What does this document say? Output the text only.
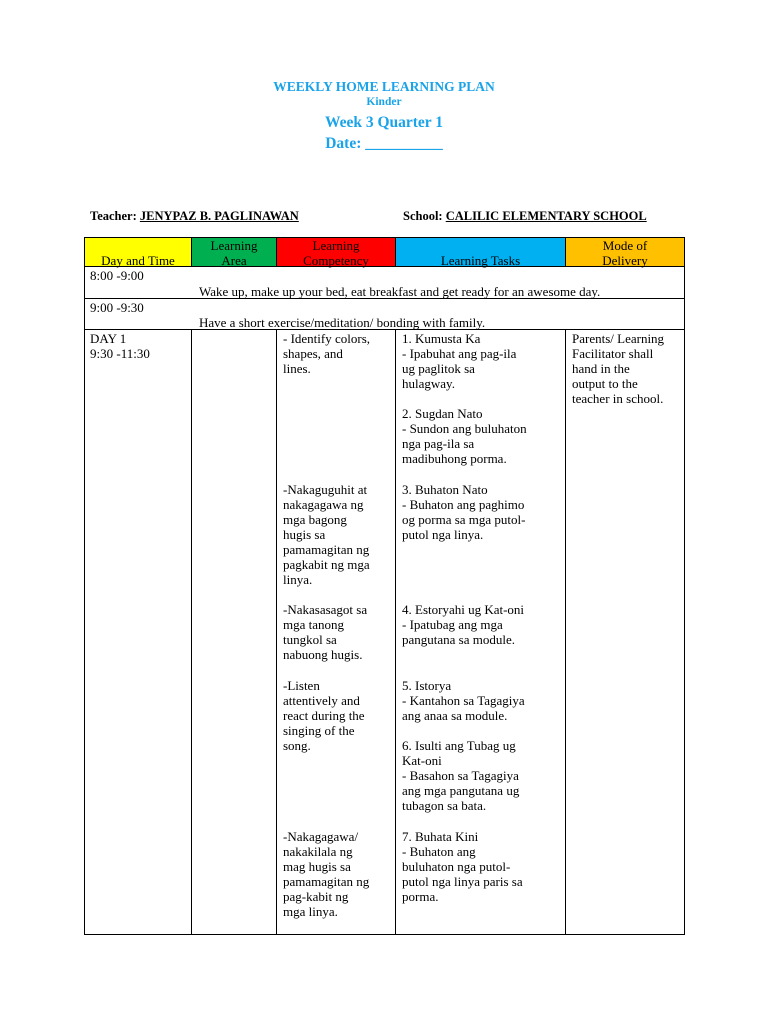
WEEKLY HOME LEARNING PLAN
Kinder
Week 3 Quarter 1
Date: __________
Teacher: JENYPAZ B. PAGLINAWAN	School: CALILIC ELEMENTARY SCHOOL
Day and Time
Learning
Area
Learning
Competency	Learning Tasks
Mode of
Delivery
8:00 -9:00
Wake up, make up your bed, eat breakfast and get ready for an awesome day.
9:00 -9:30
Have a short exercise/meditation/ bonding with family.
DAY 1
9:30 -11:30
- Identify colors,
shapes, and
lines.
-Nakaguguhit at
nakagagawa ng
mga bagong
hugis sa
pamamagitan ng
pagkabit ng mga
linya.
-Nakasasagot sa
mga tanong
tungkol sa
nabuong hugis.
-Listen
attentively and
react during the
singing of the
song.
-Nakagagawa/
nakakilala ng
mag hugis sa
pamamagitan ng
pag-kabit ng
mga linya.
1. Kumusta Ka
- Ipabuhat ang pag-ila
ug paglitok sa
hulagway.
2. Sugdan Nato
- Sundon ang buluhaton
nga pag-ila sa
madibuhong porma.
3. Buhaton Nato
- Buhaton ang paghimo
og porma sa mga putol-
putol nga linya.
4. Estoryahi ug Kat-oni
- Ipatubag ang mga
pangutana sa module.
5. Istorya
- Kantahon sa Tagagiya
ang anaa sa module.
6. Isulti ang Tubag ug
Kat-oni
- Basahon sa Tagagiya
ang mga pangutana ug
tubagon sa bata.
7. Buhata Kini
- Buhaton ang
buluhaton nga putol-
putol nga linya paris sa
porma.
Parents/ Learning
Facilitator shall
hand in the
output to the
teacher in school.
